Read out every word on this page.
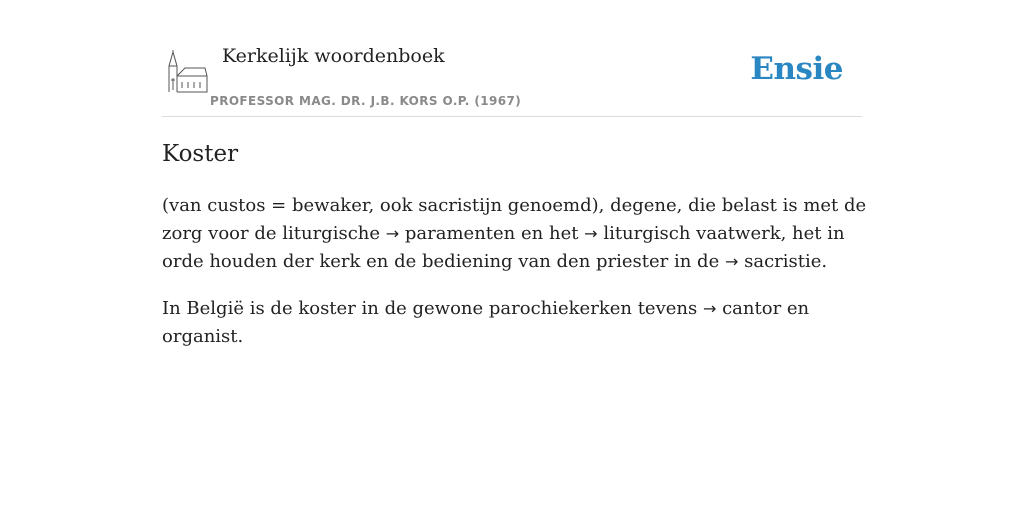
Kerkelijk woordenboek
PROFESSOR MAG. DR. J.B. KORS O.P. (1967)
Ensie
Koster

(van custos = bewaker, ook sacristijn genoemd), degene, die belast is met de zorg voor de liturgische → paramenten en het → liturgisch vaatwerk, het in orde houden der kerk en de bediening van den priester in de → sacristie.

In België is de koster in de gewone parochiekerken tevens → cantor en organist.
